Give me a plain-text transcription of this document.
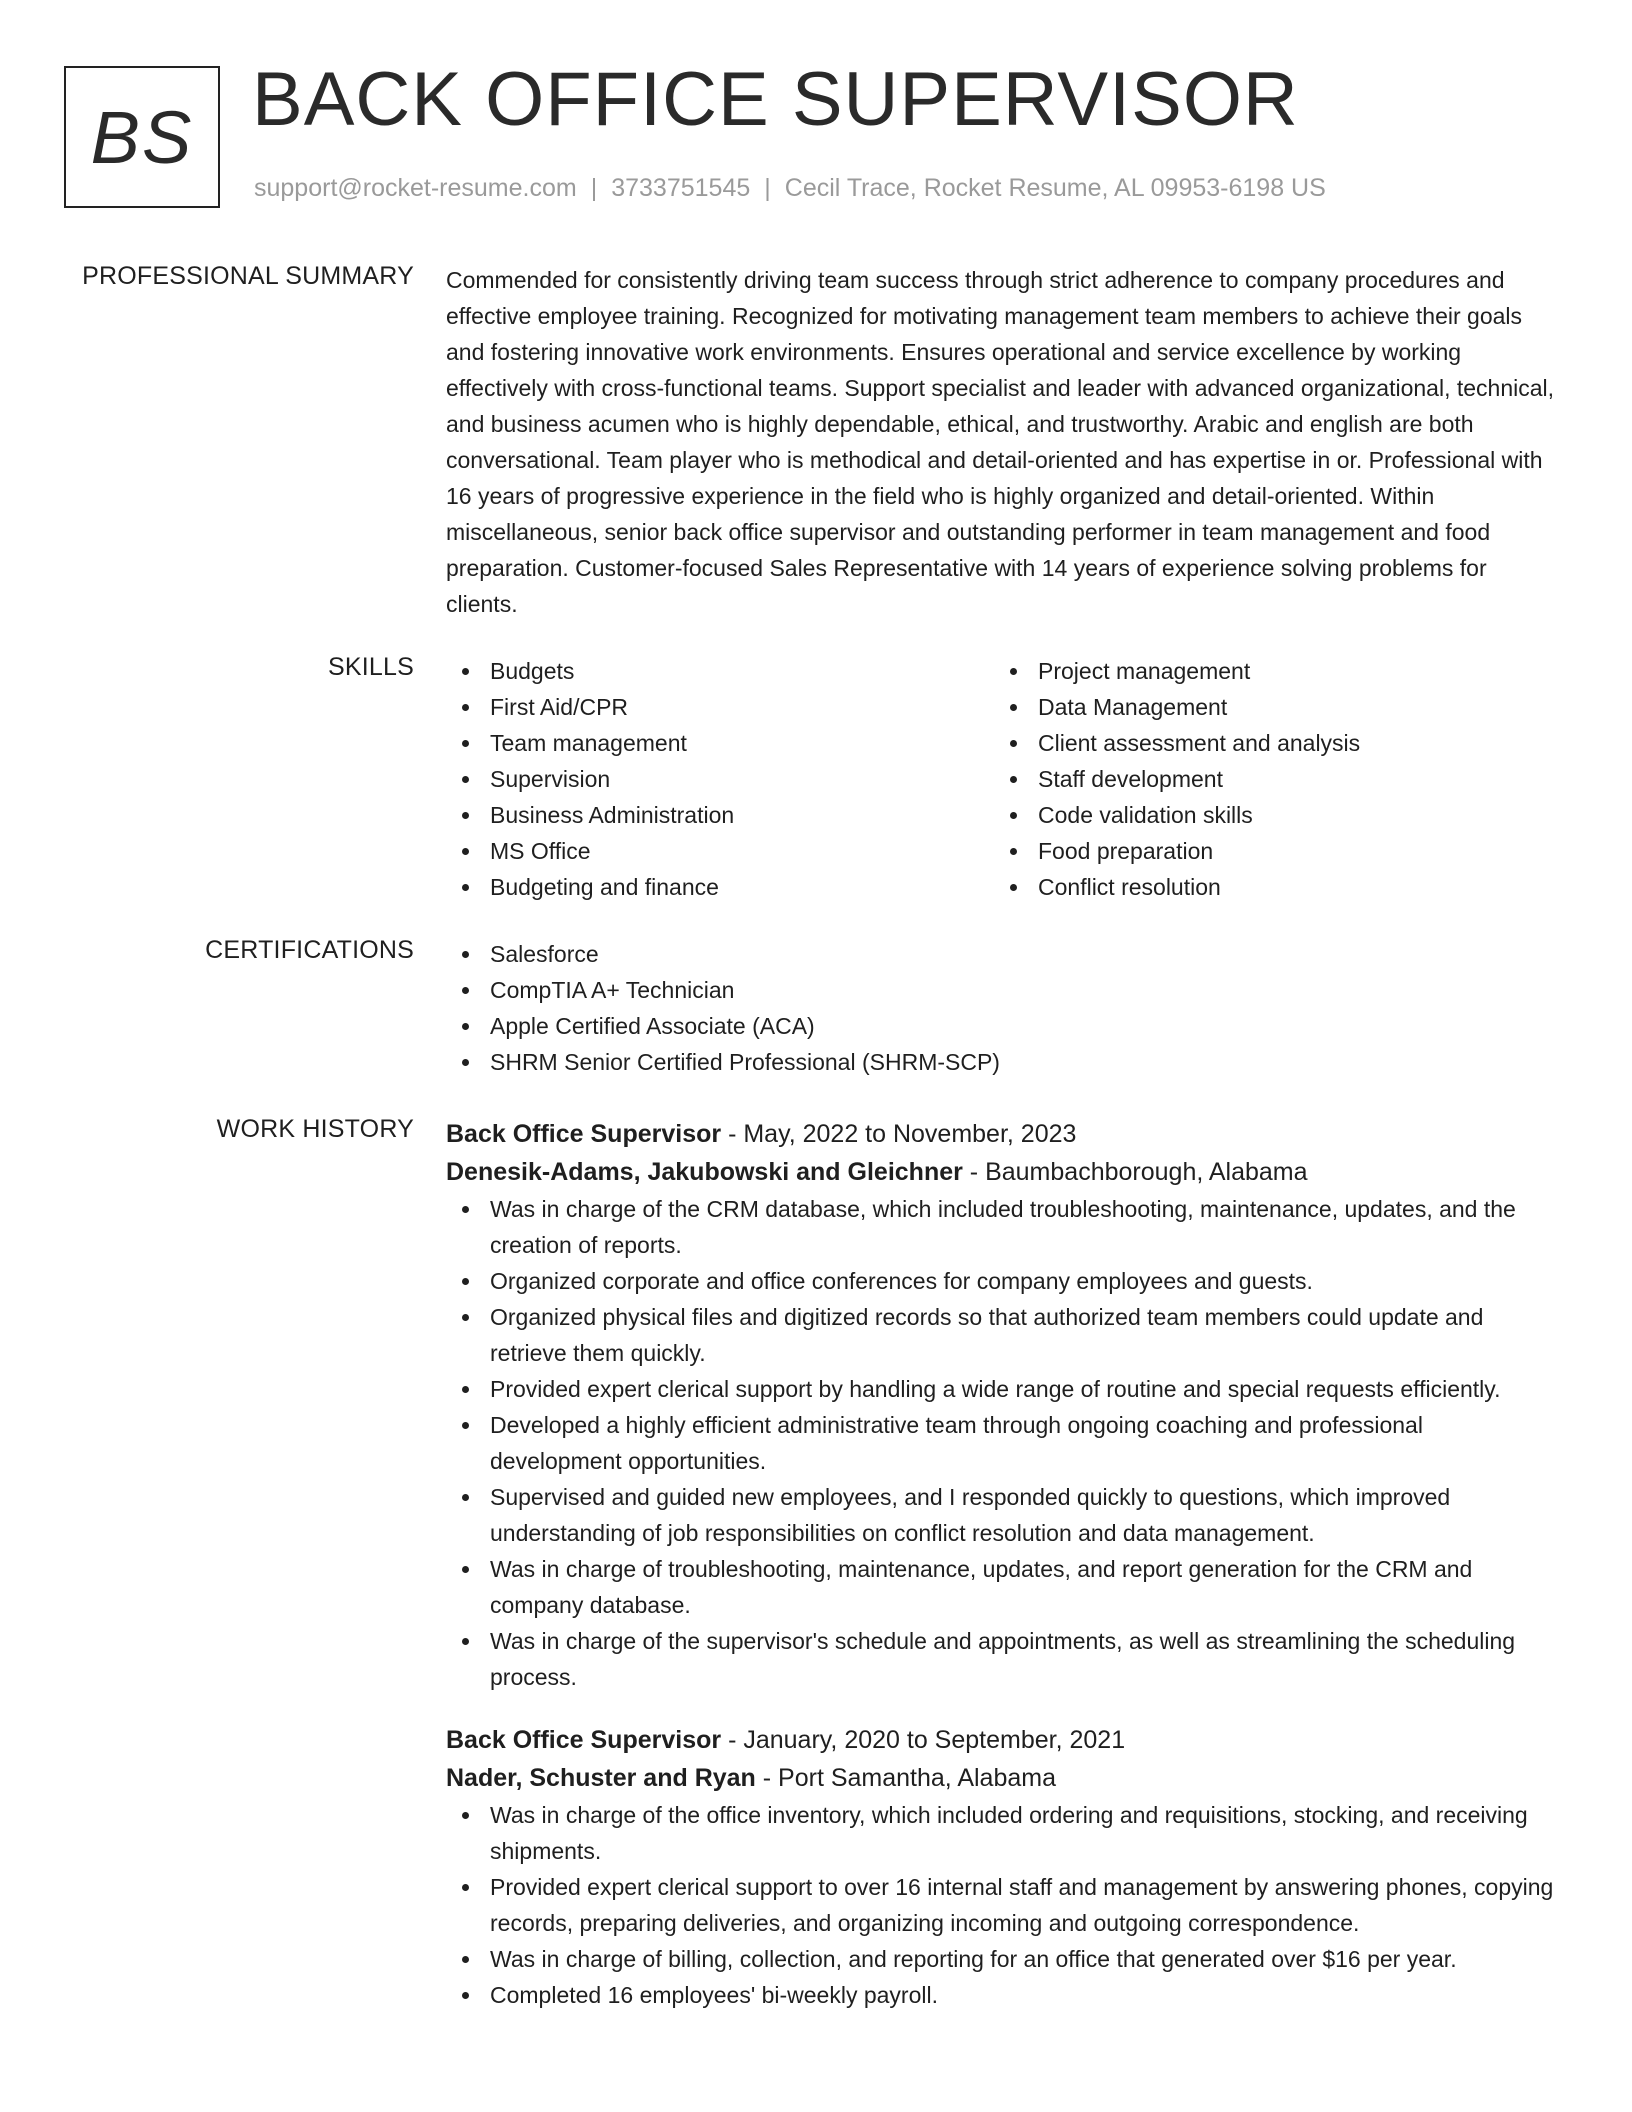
BS BACK OFFICE SUPERVISOR
support@rocket-resume.com | 3733751545 | Cecil Trace, Rocket Resume, AL 09953-6198 US
PROFESSIONAL SUMMARY Commended for consistently driving team success through strict adherence to company procedures and effective employee training. Recognized for motivating management team members to achieve their goals and fostering innovative work environments. Ensures operational and service excellence by working effectively with cross-functional teams. Support specialist and leader with advanced organizational, technical, and business acumen who is highly dependable, ethical, and trustworthy. Arabic and english are both conversational. Team player who is methodical and detail-oriented and has expertise in or. Professional with 16 years of progressive experience in the field who is highly organized and detail-oriented. Within miscellaneous, senior back office supervisor and outstanding performer in team management and food preparation. Customer-focused Sales Representative with 14 years of experience solving problems for clients.

SKILLS	Budgets
First Aid/CPR
Team management
Supervision
Business Administration
MS Office
Budgeting and finance
Project management
Data Management
Client assessment and analysis
Staff development
Code validation skills
Food preparation
Conflict resolution
CERTIFICATIONS	Salesforce
CompTIA A+ Technician
Apple Certified Associate (ACA)
SHRM Senior Certified Professional (SHRM-SCP)
WORK HISTORY Back Office Supervisor - May, 2022 to November, 2023
Denesik-Adams, Jakubowski and Gleichner - Baumbachborough, Alabama
Was in charge of the CRM database, which included troubleshooting, maintenance, updates, and the creation of reports.
Organized corporate and office conferences for company employees and guests.
Organized physical files and digitized records so that authorized team members could update and retrieve them quickly.
Provided expert clerical support by handling a wide range of routine and special requests efficiently.
Developed a highly efficient administrative team through ongoing coaching and professional development opportunities.
Supervised and guided new employees, and I responded quickly to questions, which improved understanding of job responsibilities on conflict resolution and data management.
Was in charge of troubleshooting, maintenance, updates, and report generation for the CRM and company database.
Was in charge of the supervisor's schedule and appointments, as well as streamlining the scheduling process.
Back Office Supervisor - January, 2020 to September, 2021
Nader, Schuster and Ryan - Port Samantha, Alabama
Was in charge of the office inventory, which included ordering and requisitions, stocking, and receiving shipments.
Provided expert clerical support to over 16 internal staff and management by answering phones, copying records, preparing deliveries, and organizing incoming and outgoing correspondence.
Was in charge of billing, collection, and reporting for an office that generated over $16 per year.
Completed 16 employees' bi-weekly payroll.
